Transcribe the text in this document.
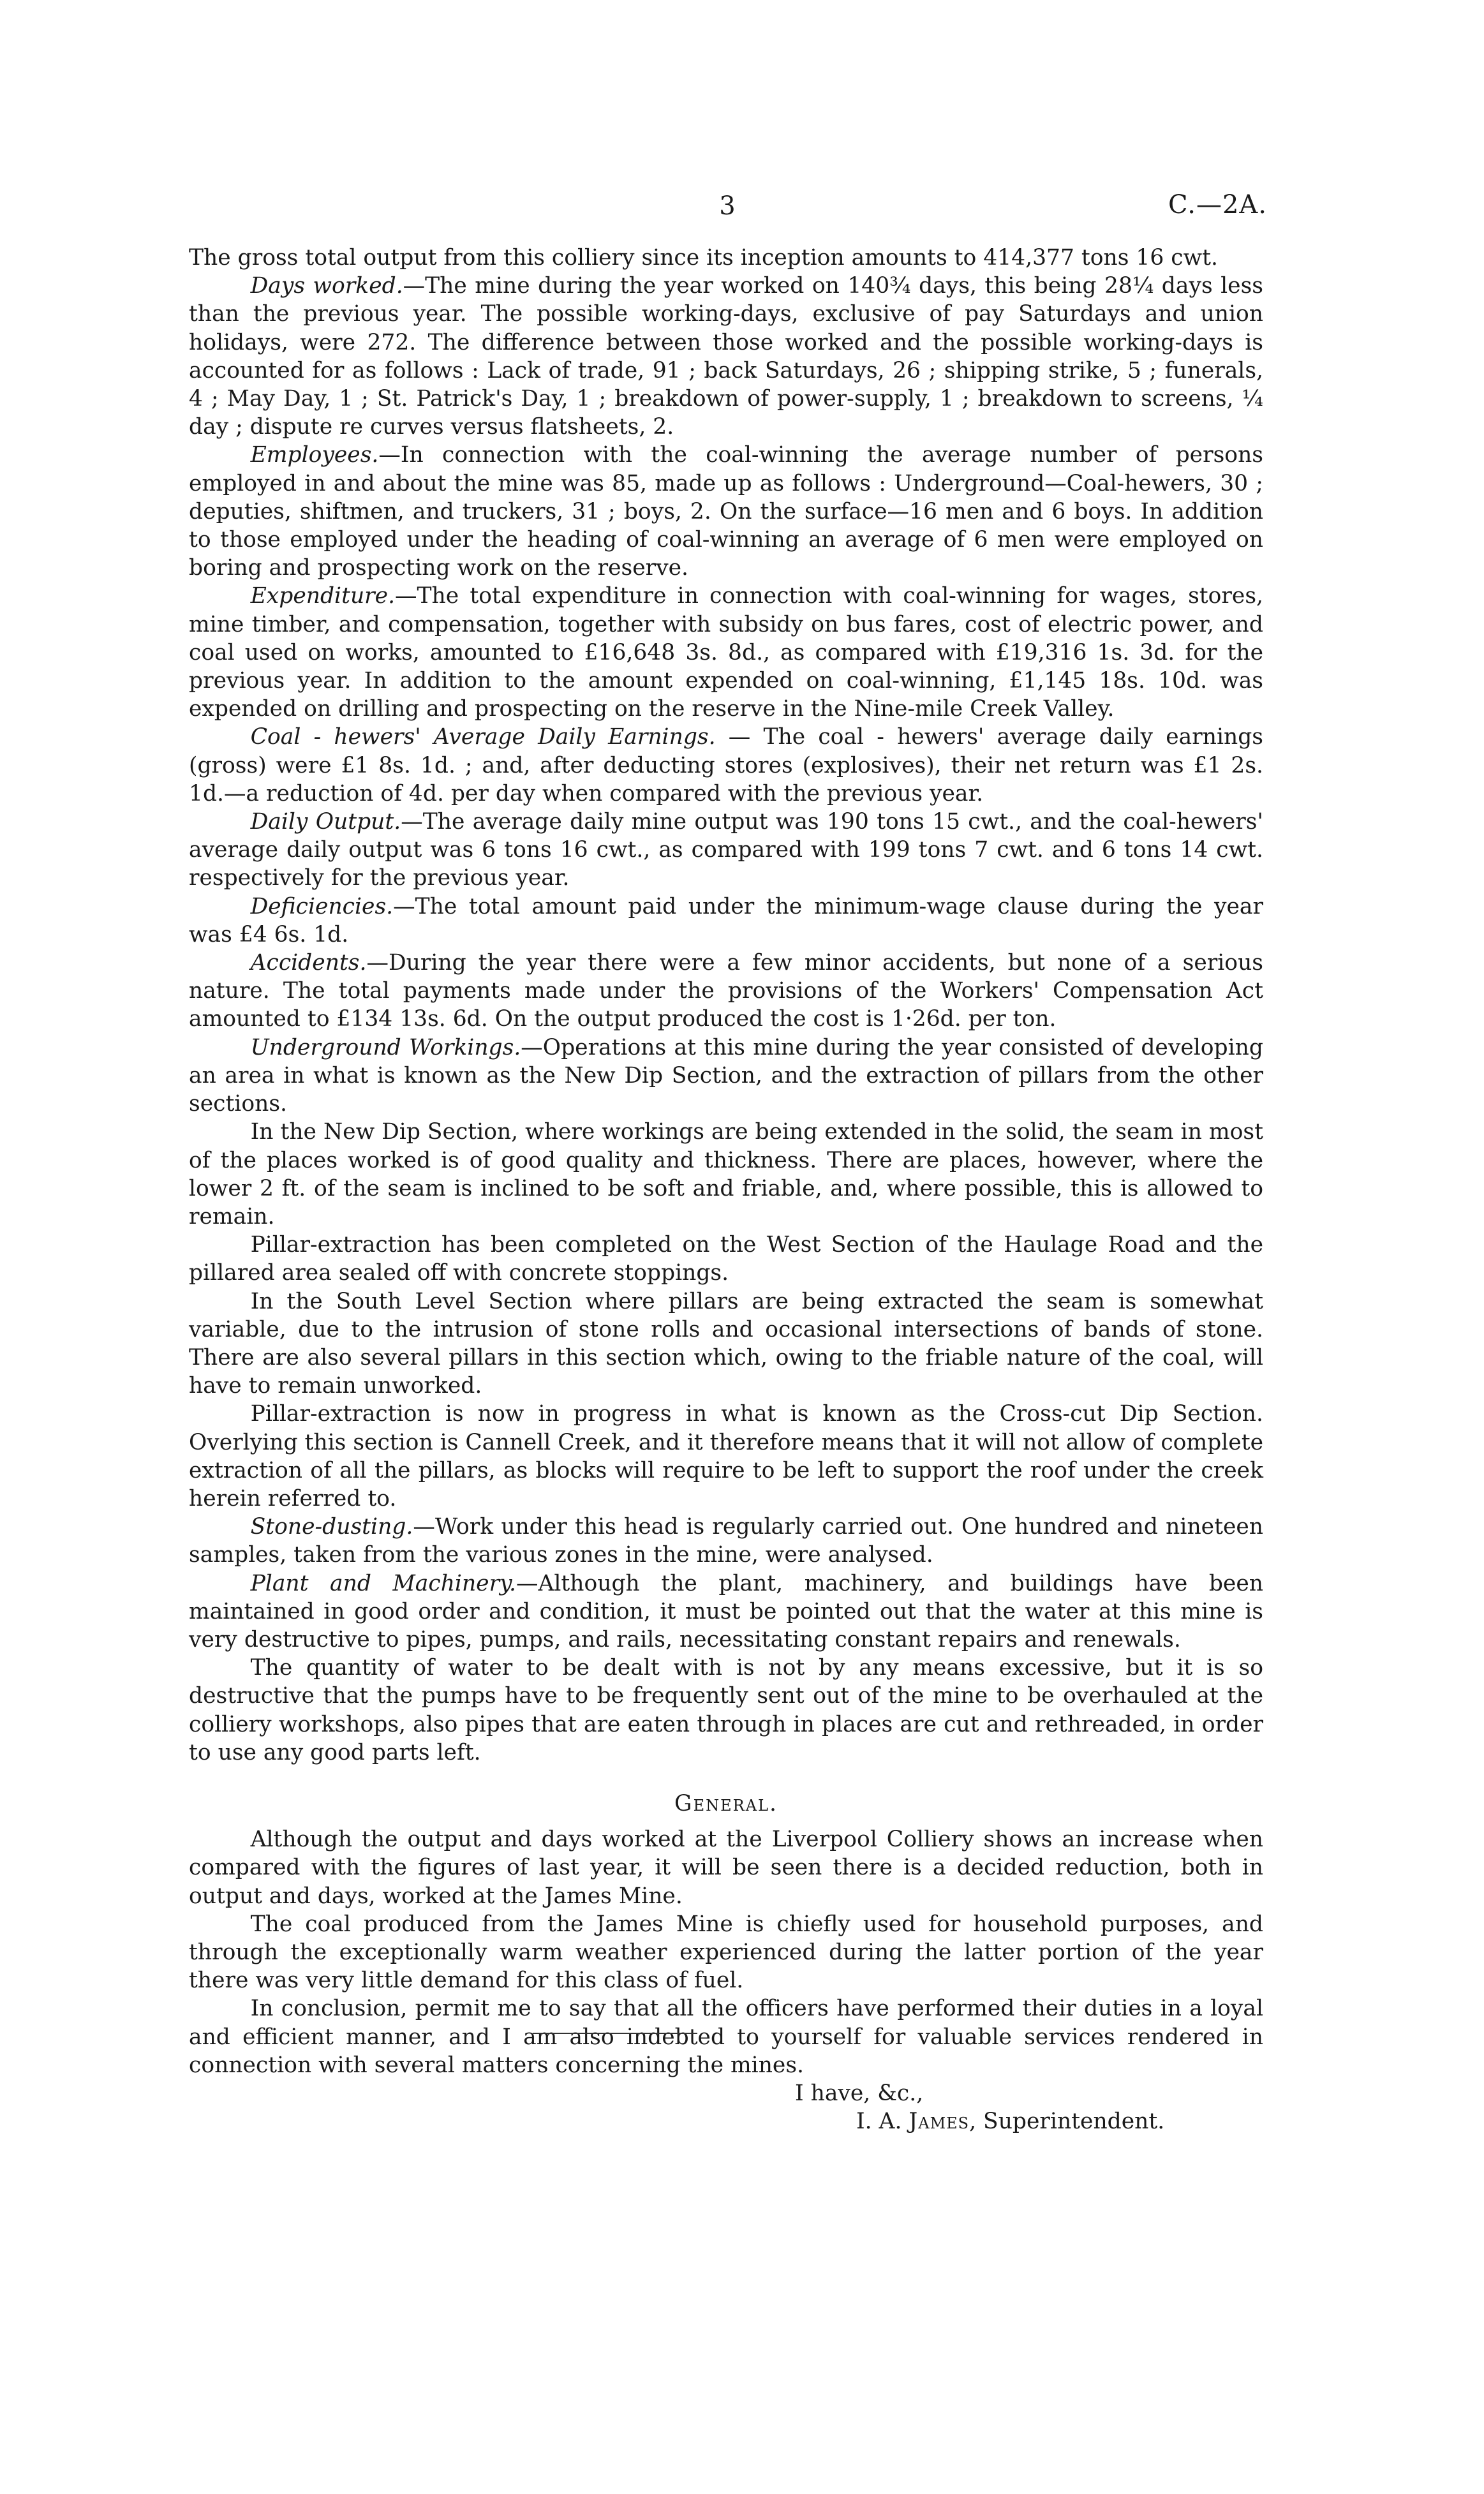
3	C.—2A.

The gross total output from this colliery since its inception amounts to 414,377 tons 16 cwt.

Days worked.—The mine during the year worked on 140¾ days, this being 28¼ days less than the previous year. The possible working-days, exclusive of pay Saturdays and union holidays, were 272. The difference between those worked and the possible working-days is accounted for as follows : Lack of trade, 91 ; back Saturdays, 26 ; shipping strike, 5 ; funerals, 4 ; May Day, 1 ; St. Patrick's Day, 1 ; breakdown of power-supply, 1 ; breakdown to screens, ¼ day ; dispute re curves versus flatsheets, 2.

Employees.—In connection with the coal-winning the average number of persons employed in and about the mine was 85, made up as follows : Underground—Coal-hewers, 30 ; deputies, shiftmen, and truckers, 31 ; boys, 2. On the surface—16 men and 6 boys. In addition to those employed under the heading of coal-winning an average of 6 men were employed on boring and prospecting work on the reserve.

Expenditure.—The total expenditure in connection with coal-winning for wages, stores, mine timber, and compensation, together with subsidy on bus fares, cost of electric power, and coal used on works, amounted to £16,648 3s. 8d., as compared with £19,316 1s. 3d. for the previous year. In addition to the amount expended on coal-winning, £1,145 18s. 10d. was expended on drilling and prospecting on the reserve in the Nine-mile Creek Valley.

Coal - hewers' Average Daily Earnings. — The coal - hewers' average daily earnings (gross) were £1 8s. 1d. ; and, after deducting stores (explosives), their net return was £1 2s. 1d.—a reduction of 4d. per day when compared with the previous year.

Daily Output.—The average daily mine output was 190 tons 15 cwt., and the coal-hewers' average daily output was 6 tons 16 cwt., as compared with 199 tons 7 cwt. and 6 tons 14 cwt. respectively for the previous year.

Deficiencies.—The total amount paid under the minimum-wage clause during the year was £4 6s. 1d.

Accidents.—During the year there were a few minor accidents, but none of a serious nature. The total payments made under the provisions of the Workers' Compensation Act amounted to £134 13s. 6d. On the output produced the cost is 1·26d. per ton.

Underground Workings.—Operations at this mine during the year consisted of developing an area in what is known as the New Dip Section, and the extraction of pillars from the other sections.

In the New Dip Section, where workings are being extended in the solid, the seam in most of the places worked is of good quality and thickness. There are places, however, where the lower 2 ft. of the seam is inclined to be soft and friable, and, where possible, this is allowed to remain.

Pillar-extraction has been completed on the West Section of the Haulage Road and the pillared area sealed off with concrete stoppings.

In the South Level Section where pillars are being extracted the seam is somewhat variable, due to the intrusion of stone rolls and occasional intersections of bands of stone. There are also several pillars in this section which, owing to the friable nature of the coal, will have to remain unworked.

Pillar-extraction is now in progress in what is known as the Cross-cut Dip Section. Overlying this section is Cannell Creek, and it therefore means that it will not allow of complete extraction of all the pillars, as blocks will require to be left to support the roof under the creek herein referred to.

Stone-dusting.—Work under this head is regularly carried out. One hundred and nineteen samples, taken from the various zones in the mine, were analysed.

Plant and Machinery.—Although the plant, machinery, and buildings have been maintained in good order and condition, it must be pointed out that the water at this mine is very destructive to pipes, pumps, and rails, necessitating constant repairs and renewals.

The quantity of water to be dealt with is not by any means excessive, but it is so destructive that the pumps have to be frequently sent out of the mine to be overhauled at the colliery workshops, also pipes that are eaten through in places are cut and rethreaded, in order to use any good parts left.

General.

Although the output and days worked at the Liverpool Colliery shows an increase when compared with the figures of last year, it will be seen there is a decided reduction, both in output and days, worked at the James Mine.

The coal produced from the James Mine is chiefly used for household purposes, and through the exceptionally warm weather experienced during the latter portion of the year there was very little demand for this class of fuel.

In conclusion, permit me to say that all the officers have performed their duties in a loyal and efficient manner, and I am also indebted to yourself for valuable services rendered in connection with several matters concerning the mines.

I have, &c.,

I. A. James, Superintendent.
